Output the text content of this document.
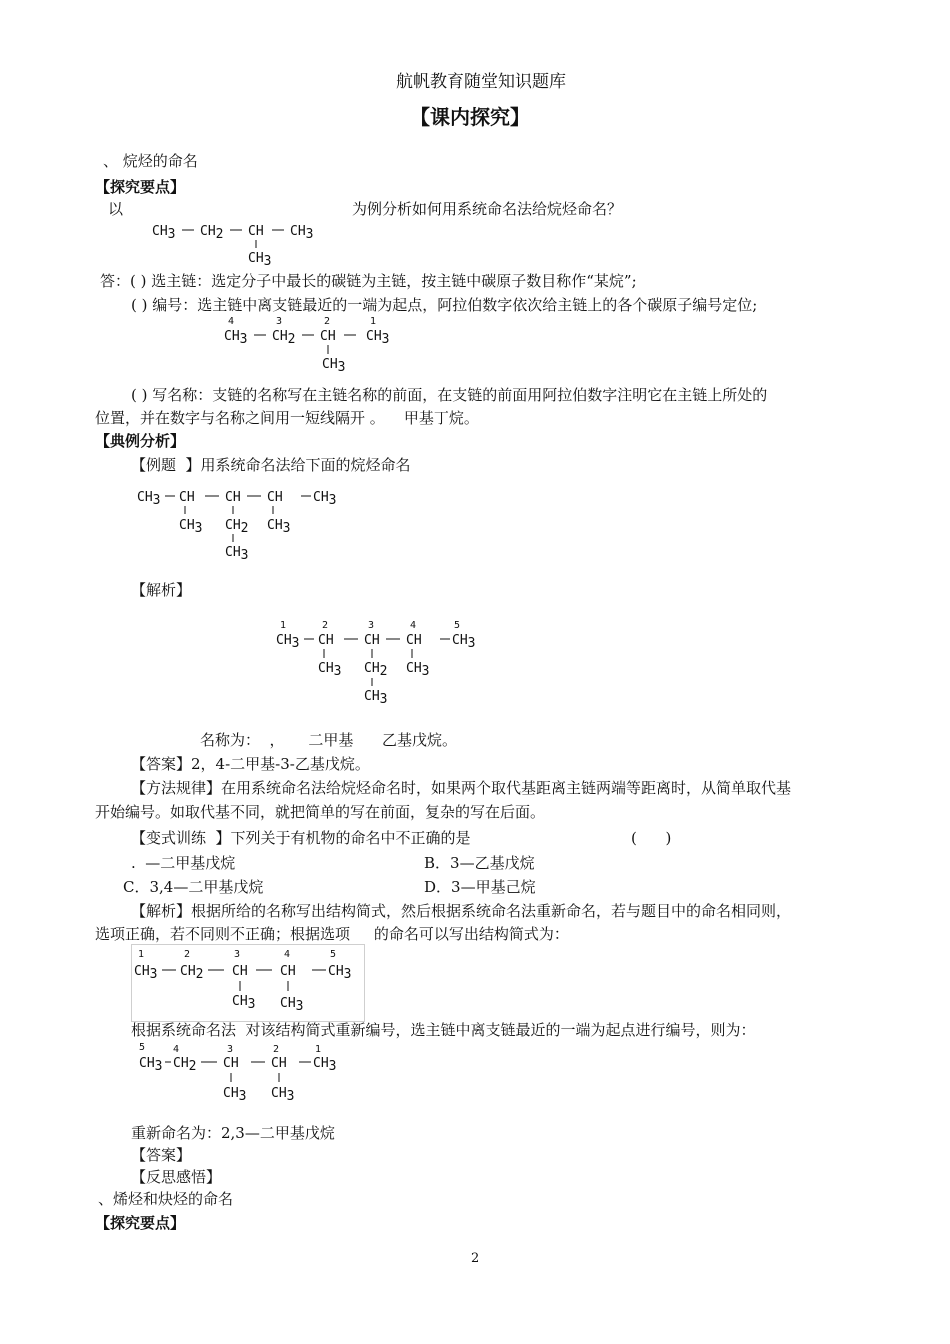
航帆教育随堂知识题库
【课内探究】
、 烷烃的命名
【探究要点】
以	为例分析如何用系统命名法给烷烃命名？
CH3 CH2 CH CH3
CH3
答：( ) 选主链：选定分子中最长的碳链为主链，按主链中碳原子数目称作“某烷”;
( ) 编号：选主链中离支链最近的一端为起点，阿拉伯数字依次给主链上的各个碳原子编号定位;
4	3	2	1
CH3 CH2 CH CH3
CH3
( ) 写名称：支链的名称写在主链名称的前面，在支链的前面用阿拉伯数字注明它在主链上所处的
位置，并在数字与名称之间用一短线隔开 。    甲基丁烷。
【典例分析】
【例题  】用系统命名法给下面的烷烃命名
CH3 CH CH CH CH3
CH3 CH2 CH3
CH3
【解析】
1	2	3	4	5
CH3 CH CH CH CH3
CH3 CH2 CH3
CH3
名称为：  ，     二甲基      乙基戊烷。
【答案】2，4-二甲基-3-乙基戊烷。
【方法规律】在用系统命名法给烷烃命名时，如果两个取代基距离主链两端等距离时，从简单取代基
开始编号。如取代基不同，就把简单的写在前面，复杂的写在后面。
【变式训练  】下列关于有机物的命名中不正确的是	(      )
.  —二甲基戊烷	B．3—乙基戊烷
C．3,4—二甲基戊烷	D．3—甲基己烷
【解析】根据所给的名称写出结构简式，然后根据系统命名法重新命名，若与题目中的命名相同则，
选项正确，若不同则不正确；根据选项     的命名可以写出结构简式为：
1	2	3	4	5
CH3 CH2 CH CH CH3
CH3 CH3
根据系统命名法  对该结构简式重新编号，选主链中离支链最近的一端为起点进行编号，则为：
5	4	3	2	1
CH3 CH2 CH CH CH3
CH3 CH3
重新命名为：2,3—二甲基戊烷
【答案】
【反思感悟】
、烯烃和炔烃的命名
【探究要点】
2
